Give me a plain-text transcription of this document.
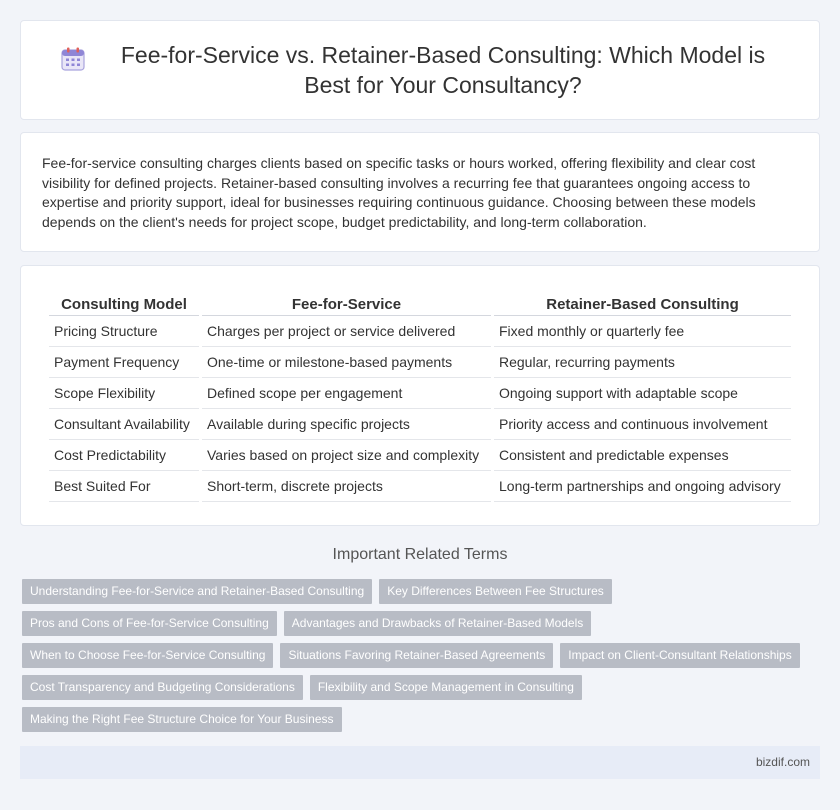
Fee-for-Service vs. Retainer-Based Consulting: Which Model is Best for Your Consultancy?

Fee-for-service consulting charges clients based on specific tasks or hours worked, offering flexibility and clear cost visibility for defined projects. Retainer-based consulting involves a recurring fee that guarantees ongoing access to expertise and priority support, ideal for businesses requiring continuous guidance. Choosing between these models depends on the client's needs for project scope, budget predictability, and long-term collaboration.

Consulting Model	Fee-for-Service	Retainer-Based Consulting
Pricing Structure	Charges per project or service delivered	Fixed monthly or quarterly fee
Payment Frequency	One-time or milestone-based payments	Regular, recurring payments
Scope Flexibility	Defined scope per engagement	Ongoing support with adaptable scope
Consultant Availability	Available during specific projects	Priority access and continuous involvement
Cost Predictability	Varies based on project size and complexity	Consistent and predictable expenses
Best Suited For	Short-term, discrete projects	Long-term partnerships and ongoing advisory
Important Related Terms
Understanding Fee-for-Service and Retainer-Based Consulting	Key Differences Between Fee Structures
Pros and Cons of Fee-for-Service Consulting	Advantages and Drawbacks of Retainer-Based Models
When to Choose Fee-for-Service Consulting	Situations Favoring Retainer-Based Agreements	Impact on Client-Consultant Relationships
Cost Transparency and Budgeting Considerations	Flexibility and Scope Management in Consulting
Making the Right Fee Structure Choice for Your Business
bizdif.com
